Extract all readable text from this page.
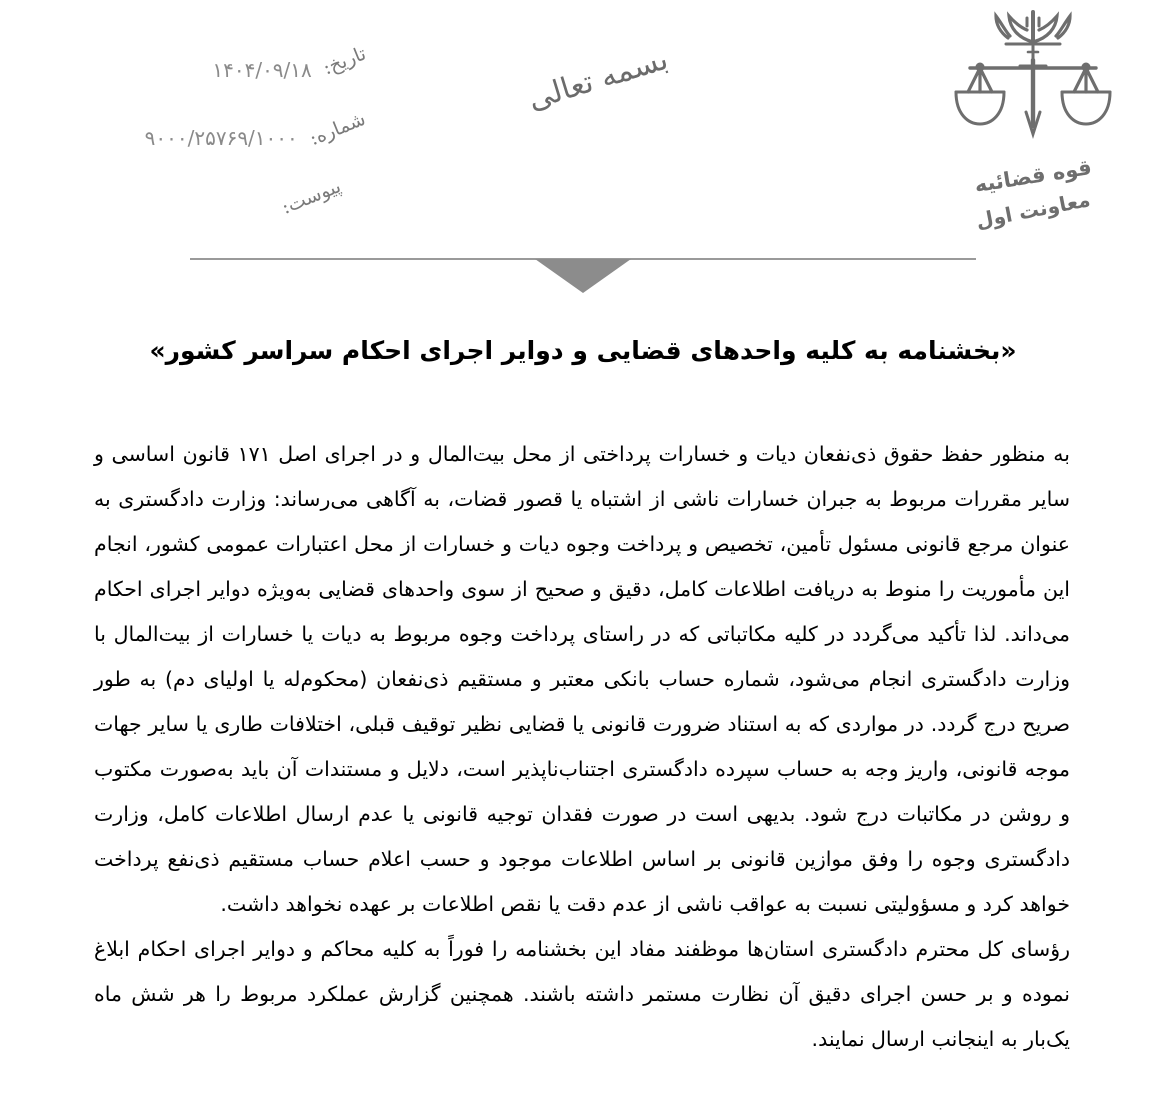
قوه قضائیه
معاونت اول
بسمه تعالی
تاریخ:
۱۴۰۴/۰۹/۱۸
شماره:
۹۰۰۰/۲۵۷۶۹/۱۰۰۰
پیوست:
«بخشنامه به کلیه واحدهای قضایی و دوایر اجرای احکام سراسر کشور»

به منظور حفظ حقوق ذی‌نفعان دیات و خسارات پرداختی از محل بیت‌المال و در اجرای اصل ۱۷۱ قانون اساسی و سایر مقررات مربوط به جبران خسارات ناشی از اشتباه یا قصور قضات، به آگاهی می‌رساند: وزارت دادگستری به عنوان مرجع قانونی مسئول تأمین، تخصیص و پرداخت وجوه دیات و خسارات از محل اعتبارات عمومی کشور، انجام این مأموریت را منوط به دریافت اطلاعات کامل، دقیق و صحیح از سوی واحدهای قضایی به‌ویژه دوایر اجرای احکام می‌داند. لذا تأکید می‌گردد در کلیه مکاتباتی که در راستای پرداخت وجوه مربوط به دیات یا خسارات از بیت‌المال با وزارت دادگستری انجام می‌شود، شماره حساب بانکی معتبر و مستقیم ذی‌نفعان (محکوم‌له یا اولیای دم) به طور صریح درج گردد. در مواردی که به استناد ضرورت قانونی یا قضایی نظیر توقیف قبلی، اختلافات طاری یا سایر جهات موجه قانونی، واریز وجه به حساب سپرده دادگستری اجتناب‌ناپذیر است، دلایل و مستندات آن باید به‌صورت مکتوب و روشن در مکاتبات درج شود. بدیهی است در صورت فقدان توجیه قانونی یا عدم ارسال اطلاعات کامل، وزارت دادگستری وجوه را وفق موازین قانونی بر اساس اطلاعات موجود و حسب اعلام حساب مستقیم ذی‌نفع پرداخت خواهد کرد و مسؤولیتی نسبت به عواقب ناشی از عدم دقت یا نقص اطلاعات بر عهده نخواهد داشت.

رؤسای کل محترم دادگستری استان‌ها موظفند مفاد این بخشنامه را فوراً به کلیه محاکم و دوایر اجرای احکام ابلاغ نموده و بر حسن اجرای دقیق آن نظارت مستمر داشته باشند. همچنین گزارش عملکرد مربوط را هر شش ماه یک‌بار به اینجانب ارسال نمایند.
